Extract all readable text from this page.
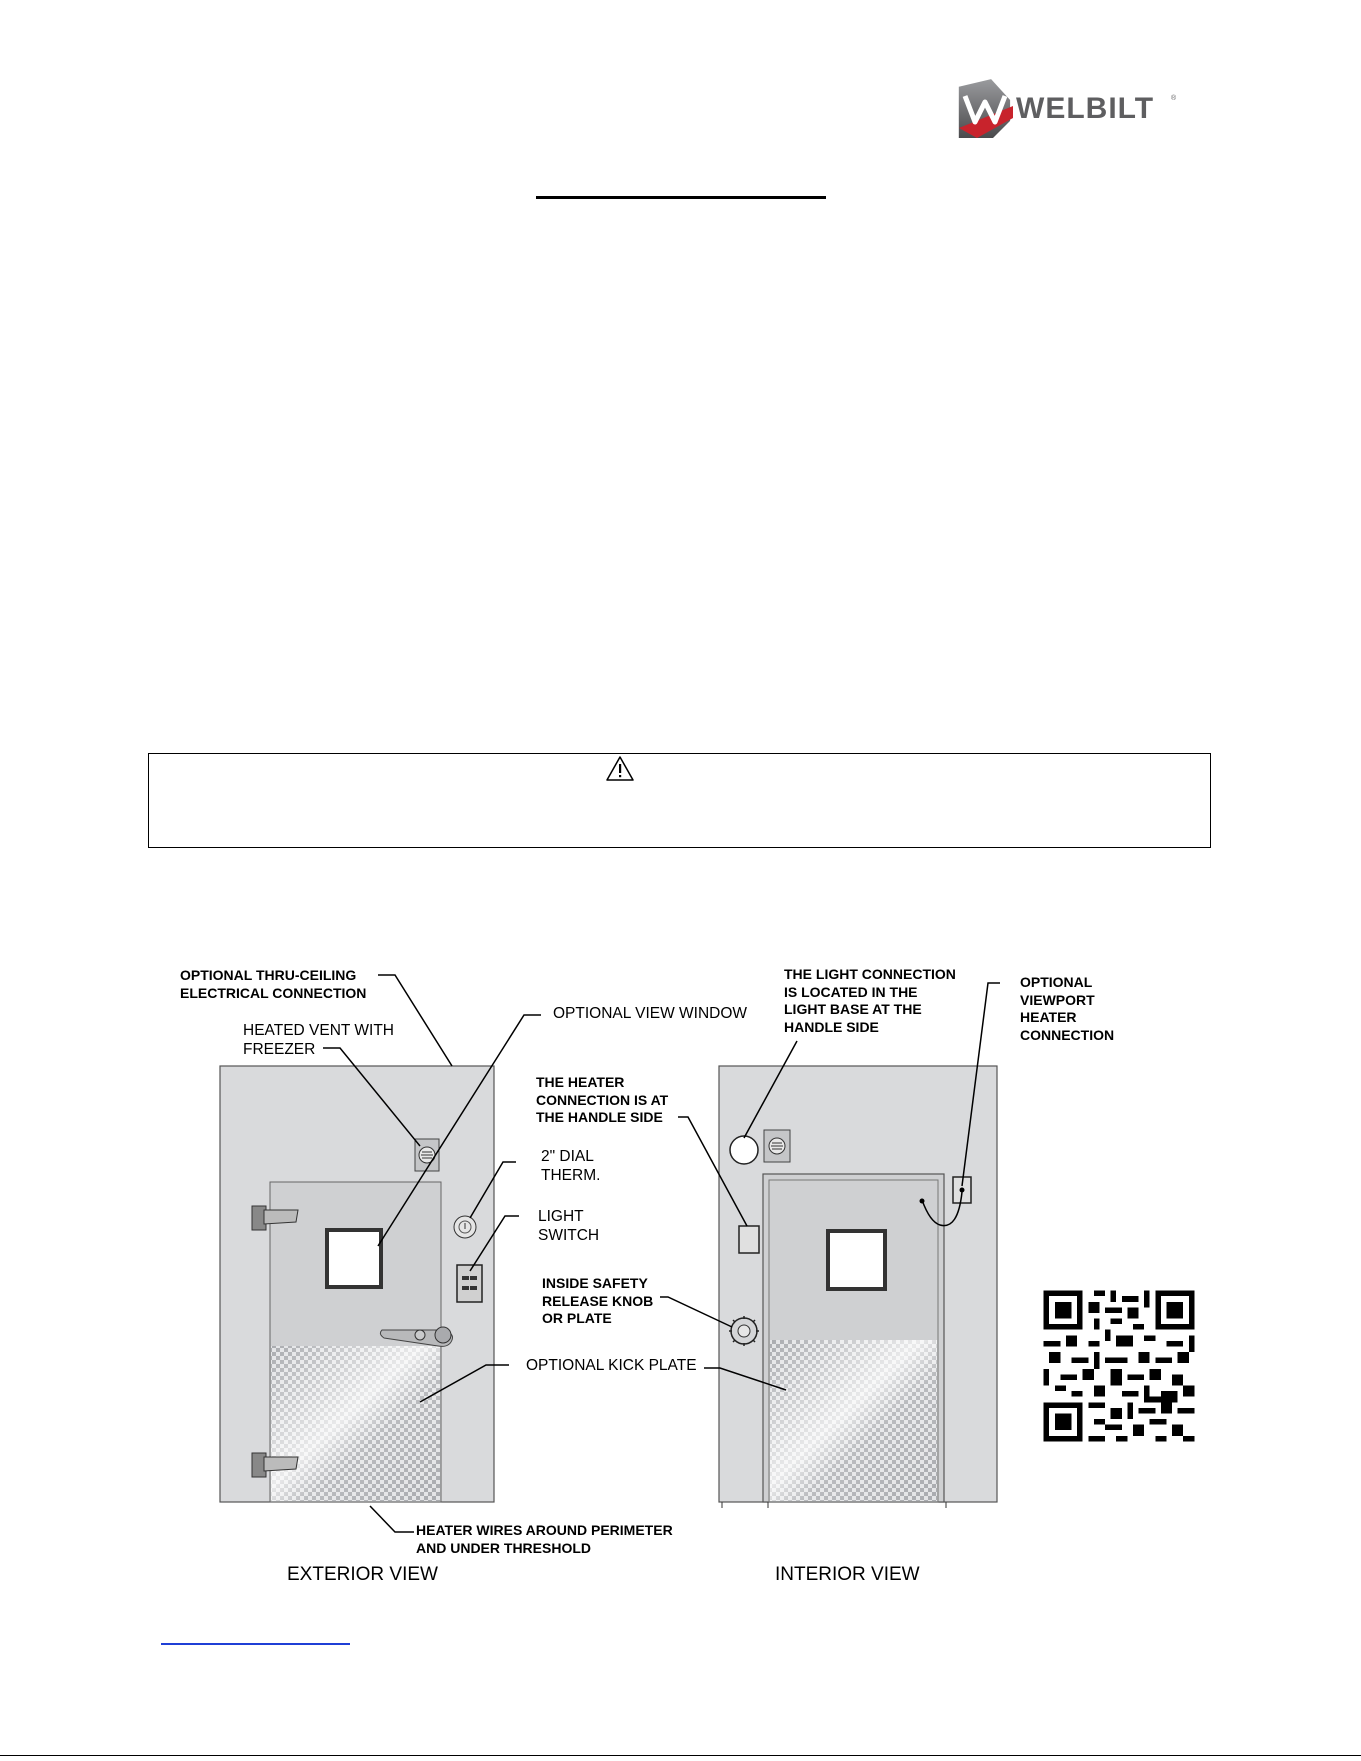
WELBILT ®
OPTIONAL THRU-CEILING
ELECTRICAL CONNECTION
HEATED VENT WITH
FREEZER
OPTIONAL VIEW WINDOW
2" DIAL
THERM.
LIGHT
SWITCH
OPTIONAL KICK PLATE
HEATER WIRES AROUND PERIMETER
AND UNDER THRESHOLD
THE LIGHT CONNECTION
IS LOCATED IN THE
LIGHT BASE AT THE
HANDLE SIDE
OPTIONAL
VIEWPORT
HEATER
CONNECTION
THE HEATER
CONNECTION IS AT
THE HANDLE SIDE
INSIDE SAFETY
RELEASE KNOB
OR PLATE
EXTERIOR VIEW	INTERIOR VIEW
